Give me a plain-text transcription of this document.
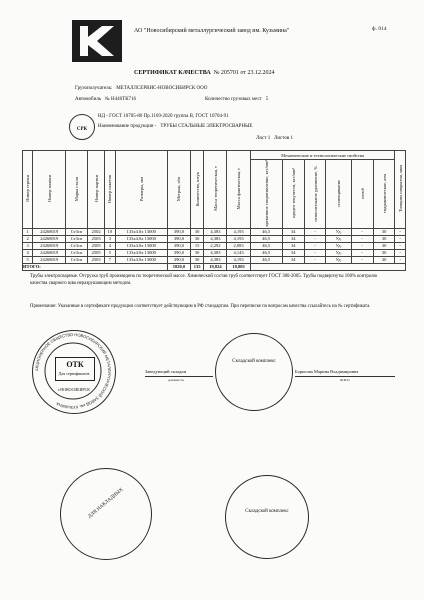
АО "Новосибирский металлургический завод им. Кузьмина"	ф. 014
СЕРТИФИКАТ КАЧЕСТВА № 205701 от 23.12.2024
Грузополучатель: МЕТАЛЛСЕРВИС-НОВОСИБИРСК ООО
Автомобиль № Н446ТК716	Количество грузовых мест 5
СРК
НД - ГОСТ 10705-80 Пр.1169-2020 группа В, ГОСТ 10704-91
Наименование продукции - ТРУБЫ СТАЛЬНЫЕ ЭЛЕКТРОСВАРНЫЕ
Лист 1 Листов 1
Номер строки	Номер плавки	Марка стали	Номер партии	Номер пакетов	Размеры, мм	Метраж, п/м	Количество, штук	Масса теоретическая, т	Масса фактическая, т	Механические и технологические свойства						Толщина покрытия, мкм
										временное сопротивление, кгс/мм²	предел текучести, кгс/мм²	относительное удлинение, %	сплющивание	изгиб	гидравлическое, атм	
1	24268019	Ст3сп	2502	10	133х4.0х 13000	390,0	30	4,383	4,193	46,5	34	-	Уд.	-	30	-
2	24268019	Ст3сп	2503	3	133х4.0х 13000	390,0	30	4,383	4,193	46,5	34	-	Уд.	-	30	-
3	24268019	Ст3сп	2505	4	133х4.0х 13000	390,0	15	2,292	2,083	46,5	34	-	Уд.	-	30	-
4	24268019	Ст3сп	2505	5	133х4.0х 13000	390,0	30	4,383	4,143	46,5	34	-	Уд.	-	30	-
5	24268019	Ст3сп	2503	7	133х4.0х 13000	390,0	30	4,383	4,193	46,5	34	-	Уд.	-	30	-
ИТОГО:						1820,0	135	19,824	18,805							
Трубы электросварные. Отгрузка труб произведена по теоретической массе. Химический состав труб соответствует ГОСТ 380-2005. Трубы подвергнуты 100% контролю качества сварного шва неразрушающим методом.
Примечание: Указанные в сертификате продукции соответствует действующим в РФ стандартам. При переписке по вопросам качества ссылайтесь на № сертификата.
АКЦИОНЕРНОЕ ОБЩЕСТВО НОВОСИБИРСКИЙ МЕТАЛЛУРГИЧЕСКИЙ ЗАВОД им. КУЗЬМИНА
ОТК
Для сертификатов
г.НОВОСИБИРСК
Заведующий складом
должность
Складской комплекс
Борисова Марина Владимировна
Ф.И.О
ДЛЯ НАКЛАДНЫХ	Складской комплекс
